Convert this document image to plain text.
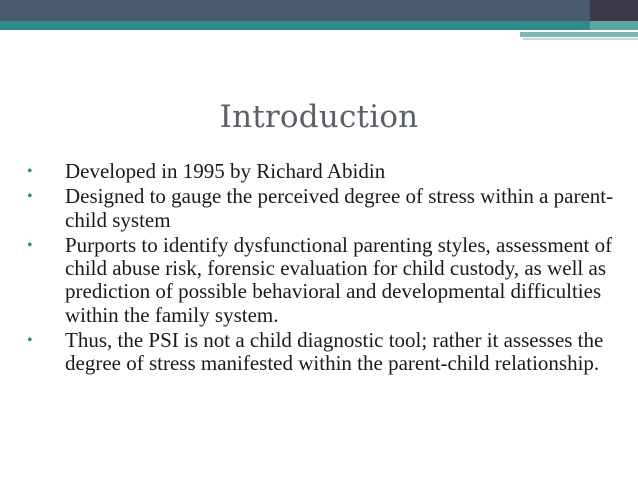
Introduction
• Developed in 1995 by Richard Abidin
• Designed to gauge the perceived degree of stress within a parent-child system
• Purports to identify dysfunctional parenting styles, assessment of child abuse risk, forensic evaluation for child custody, as well as prediction of possible behavioral and developmental difficulties within the family system.
• Thus, the PSI is not a child diagnostic tool; rather it assesses the degree of stress manifested within the parent-child relationship.
